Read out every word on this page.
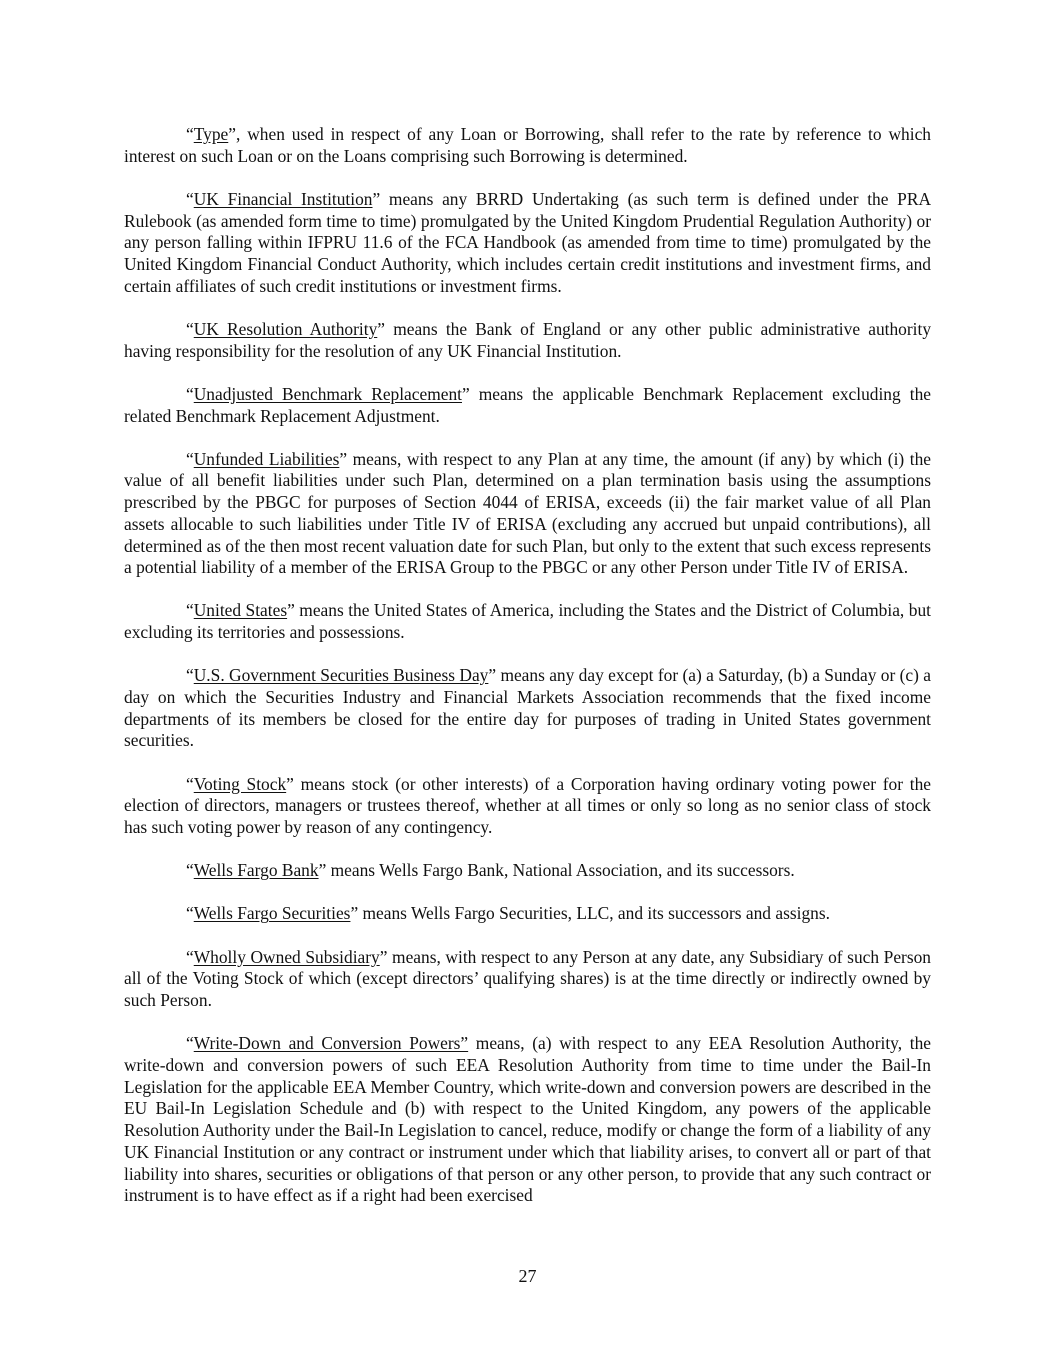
“Type”, when used in respect of any Loan or Borrowing, shall refer to the rate by reference to which interest on such Loan or on the Loans comprising such Borrowing is determined.

“UK Financial Institution” means any BRRD Undertaking (as such term is defined under the PRA Rulebook (as amended form time to time) promulgated by the United Kingdom Prudential Regulation Authority) or any person falling within IFPRU 11.6 of the FCA Handbook (as amended from time to time) promulgated by the United Kingdom Financial Conduct Authority, which includes certain credit institutions and investment firms, and certain affiliates of such credit institutions or investment firms.

“UK Resolution Authority” means the Bank of England or any other public administrative authority having responsibility for the resolution of any UK Financial Institution.

“Unadjusted Benchmark Replacement” means the applicable Benchmark Replacement excluding the related Benchmark Replacement Adjustment.

“Unfunded Liabilities” means, with respect to any Plan at any time, the amount (if any) by which (i) the value of all benefit liabilities under such Plan, determined on a plan termination basis using the assumptions prescribed by the PBGC for purposes of Section 4044 of ERISA, exceeds (ii) the fair market value of all Plan assets allocable to such liabilities under Title IV of ERISA (excluding any accrued but unpaid contributions), all determined as of the then most recent valuation date for such Plan, but only to the extent that such excess represents a potential liability of a member of the ERISA Group to the PBGC or any other Person under Title IV of ERISA.

“United States” means the United States of America, including the States and the District of Columbia, but excluding its territories and possessions.

“U.S. Government Securities Business Day” means any day except for (a) a Saturday, (b) a Sunday or (c) a day on which the Securities Industry and Financial Markets Association recommends that the fixed income departments of its members be closed for the entire day for purposes of trading in United States government securities.

“Voting Stock” means stock (or other interests) of a Corporation having ordinary voting power for the election of directors, managers or trustees thereof, whether at all times or only so long as no senior class of stock has such voting power by reason of any contingency.

“Wells Fargo Bank” means Wells Fargo Bank, National Association, and its successors.

“Wells Fargo Securities” means Wells Fargo Securities, LLC, and its successors and assigns.

“Wholly Owned Subsidiary” means, with respect to any Person at any date, any Subsidiary of such Person all of the Voting Stock of which (except directors’ qualifying shares) is at the time directly or indirectly owned by such Person.

“Write-Down and Conversion Powers” means, (a) with respect to any EEA Resolution Authority, the write-down and conversion powers of such EEA Resolution Authority from time to time under the Bail-In Legislation for the applicable EEA Member Country, which write-down and conversion powers are described in the EU Bail-In Legislation Schedule and (b) with respect to the United Kingdom, any powers of the applicable Resolution Authority under the Bail-In Legislation to cancel, reduce, modify or change the form of a liability of any UK Financial Institution or any contract or instrument under which that liability arises, to convert all or part of that liability into shares, securities or obligations of that person or any other person, to provide that any such contract or instrument is to have effect as if a right had been exercised

27
